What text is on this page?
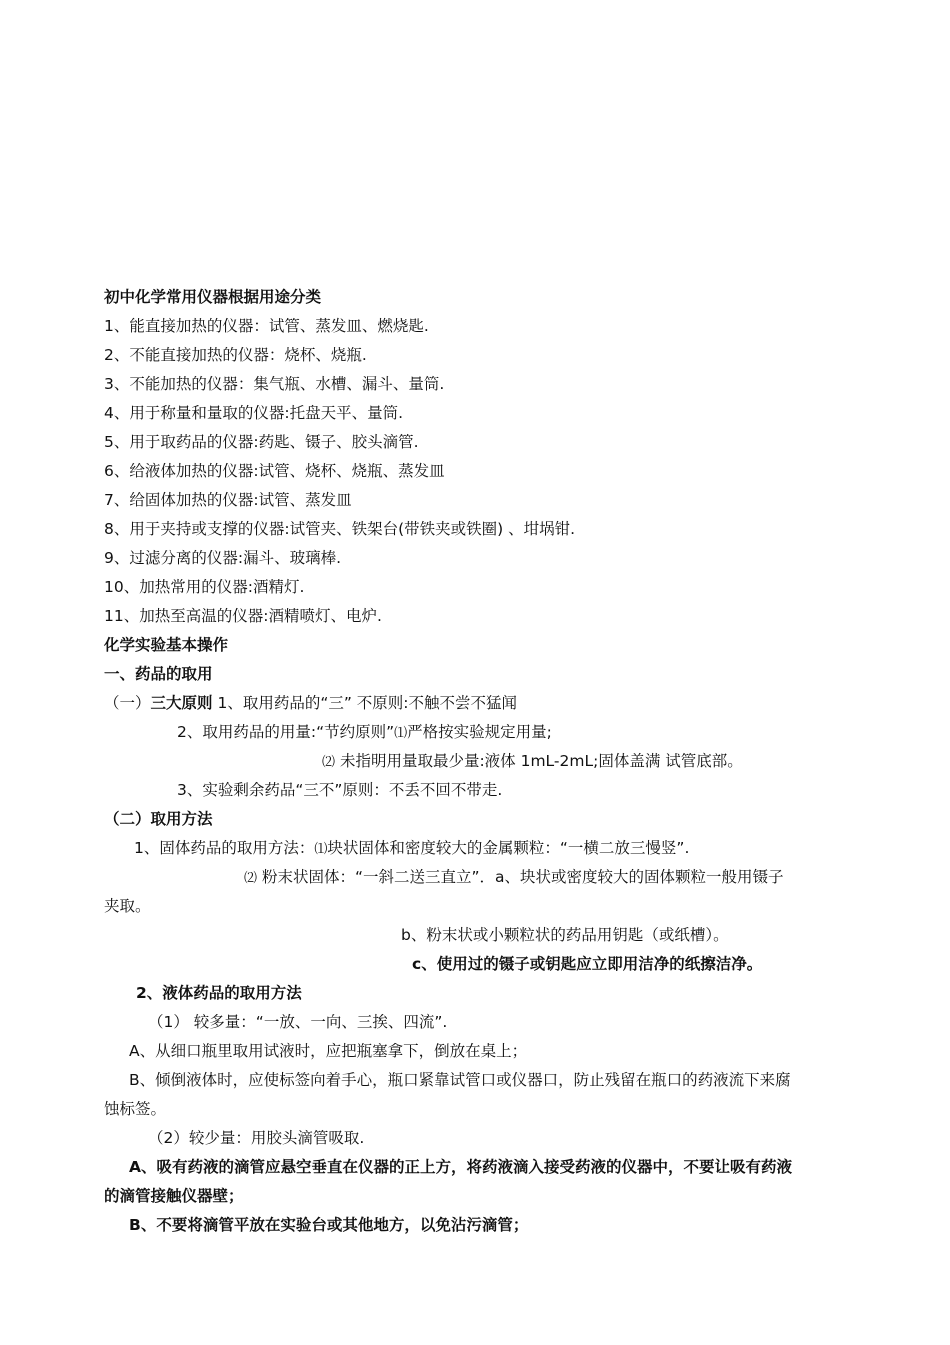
初中化学常用仪器根据用途分类
1、能直接加热的仪器：试管、蒸发皿、燃烧匙.
2、不能直接加热的仪器：烧杯、烧瓶.
3、不能加热的仪器：集气瓶、水槽、漏斗、量筒.
4、用于称量和量取的仪器:托盘天平、量筒.
5、用于取药品的仪器:药匙、镊子、胶头滴管.
6、给液体加热的仪器:试管、烧杯、烧瓶、蒸发皿
7、给固体加热的仪器:试管、蒸发皿
8、用于夹持或支撑的仪器:试管夹、铁架台(带铁夹或铁圈) 、坩埚钳.
9、过滤分离的仪器:漏斗、玻璃棒.
10、加热常用的仪器:酒精灯.
11、加热至高温的仪器:酒精喷灯、电炉.
化学实验基本操作
一、药品的取用
（一）三大原则 1、取用药品的“三” 不原则:不触不尝不猛闻
2、取用药品的用量:“节约原则”⑴严格按实验规定用量;
⑵ 未指明用量取最少量:液体 1mL-2mL;固体盖满 试管底部。
3、实验剩余药品“三不”原则：不丢不回不带走.
（二）取用方法
1、固体药品的取用方法：⑴块状固体和密度较大的金属颗粒：“一横二放三慢竖”.
⑵ 粉末状固体：“一斜二送三直立”．a、块状或密度较大的固体颗粒一般用镊子
夹取。
b、粉末状或小颗粒状的药品用钥匙（或纸槽）。
c、使用过的镊子或钥匙应立即用洁净的纸擦洁净。
2、液体药品的取用方法
（1） 较多量：“一放、一向、三挨、四流”.
A、从细口瓶里取用试液时，应把瓶塞拿下，倒放在桌上；
B、倾倒液体时，应使标签向着手心，瓶口紧靠试管口或仪器口，防止残留在瓶口的药液流下来腐
蚀标签。
（2）较少量：用胶头滴管吸取.
A、吸有药液的滴管应悬空垂直在仪器的正上方，将药液滴入接受药液的仪器中，不要让吸有药液
的滴管接触仪器壁；
B、不要将滴管平放在实验台或其他地方，以免沾污滴管；
